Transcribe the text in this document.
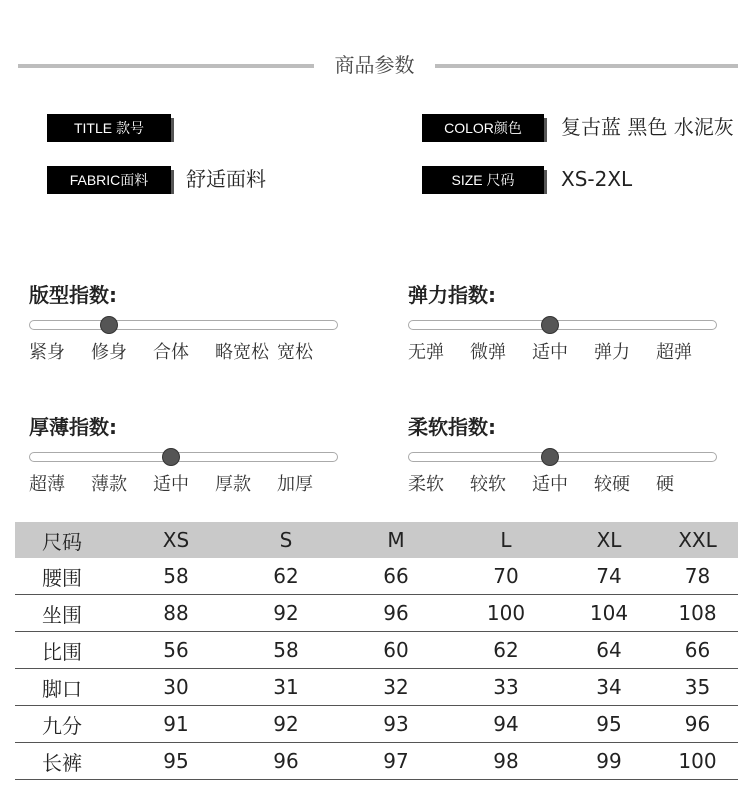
商品参数
TITLE 款号	COLOR颜色	复古蓝 黑色 水泥灰
FABRIC面料	舒适面料	SIZE 尺码	XS-2XL
版型指数:
紧身 修身 合体 略宽松 宽松
弹力指数:
无弹 微弹 适中 弹力 超弹
厚薄指数:
超薄 薄款 适中 厚款 加厚
柔软指数:
柔软 较软 适中 较硬 硬
尺码	XS	S	M	L	XL	XXL
腰围	58	62	66	70	74	78
坐围	88	92	96	100	104	108
比围	56	58	60	62	64	66
脚口	30	31	32	33	34	35
九分	91	92	93	94	95	96
长裤	95	96	97	98	99	100
